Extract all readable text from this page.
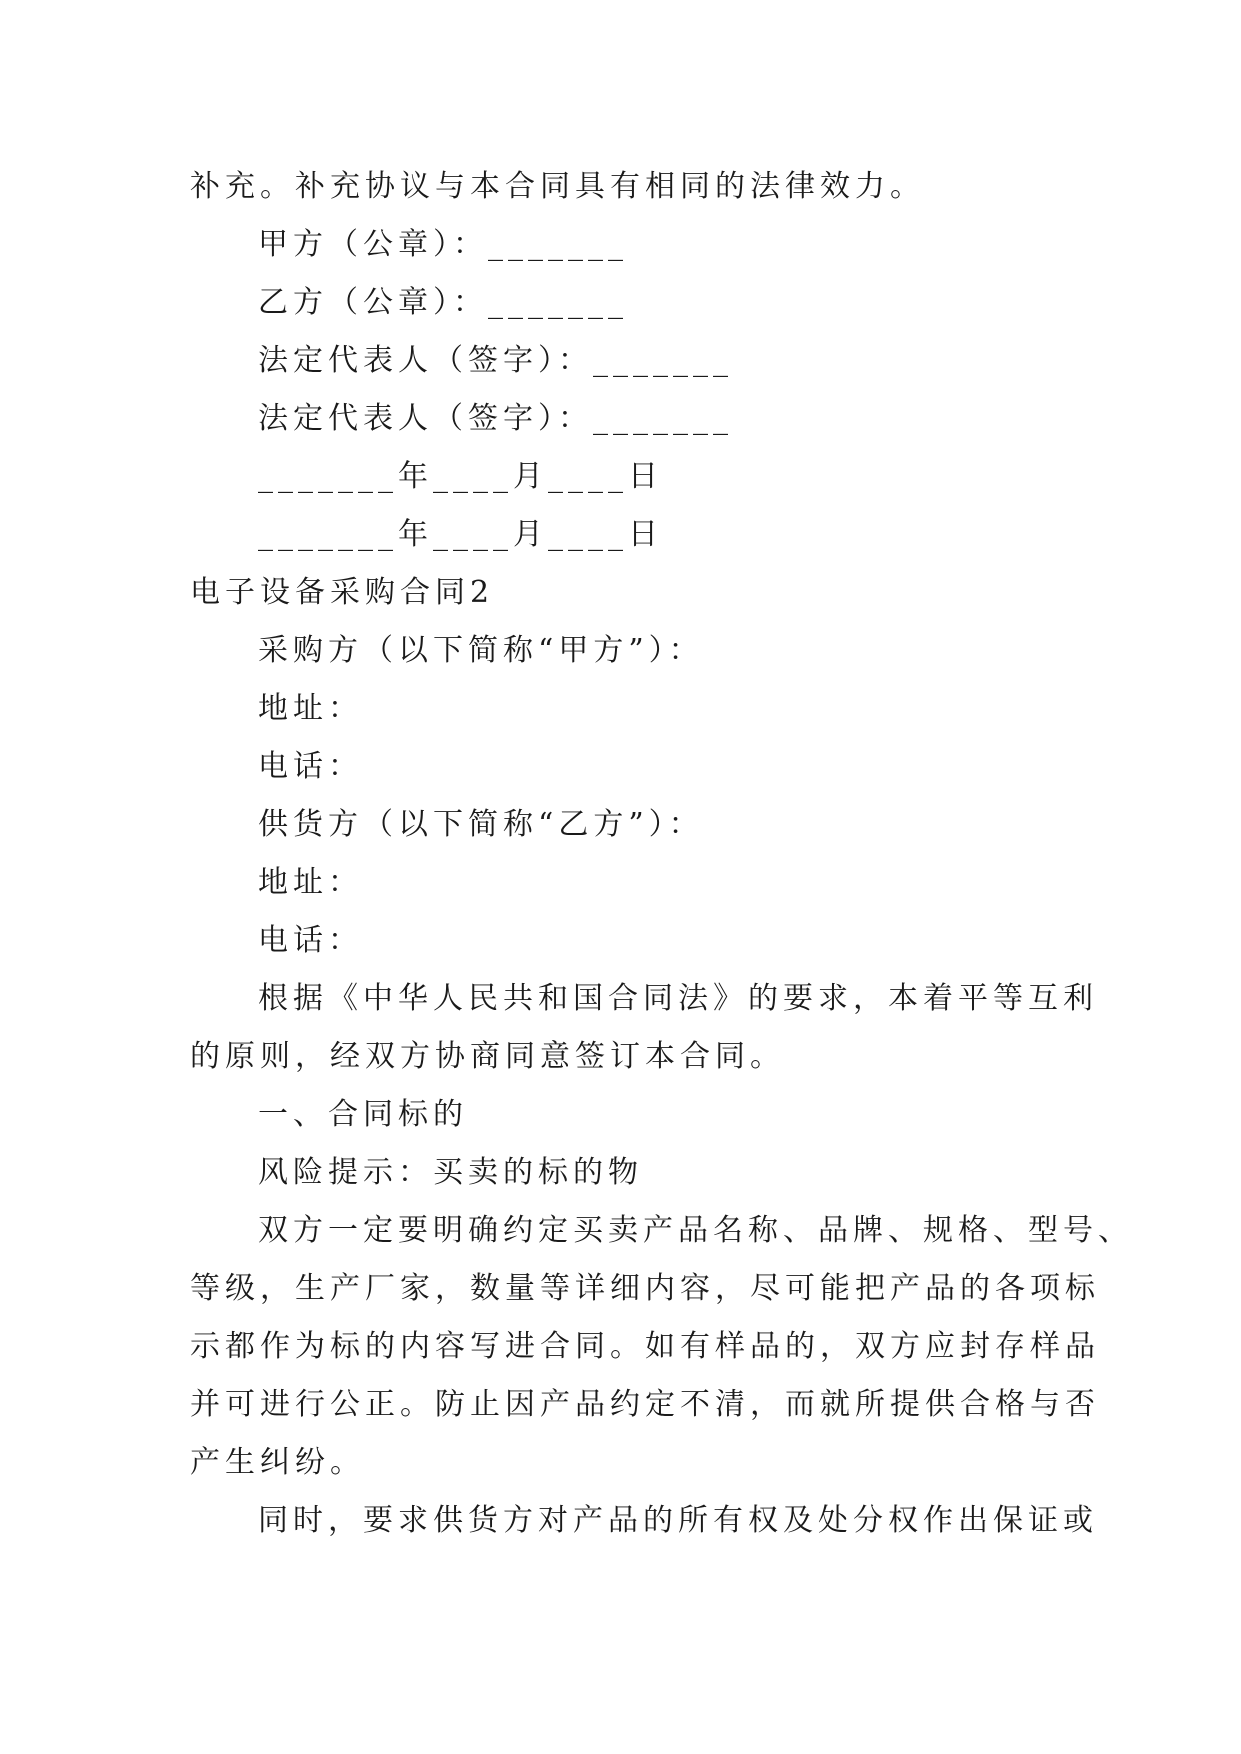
补充。补充协议与本合同具有相同的法律效力。
甲方（公章）：_______
乙方（公章）：_______
法定代表人（签字）：_______
法定代表人（签字）：_______
_______年____月____日
_______年____月____日
电子设备采购合同2
采购方（以下简称“甲方”）：
地址：
电话：
供货方（以下简称“乙方”）：
地址：
电话：
根据《中华人民共和国合同法》的要求，本着平等互利
的原则，经双方协商同意签订本合同。
一、合同标的
风险提示：买卖的标的物
双方一定要明确约定买卖产品名称、品牌、规格、型号、
等级，生产厂家，数量等详细内容，尽可能把产品的各项标
示都作为标的内容写进合同。如有样品的，双方应封存样品
并可进行公正。防止因产品约定不清，而就所提供合格与否
产生纠纷。
同时，要求供货方对产品的所有权及处分权作出保证或
